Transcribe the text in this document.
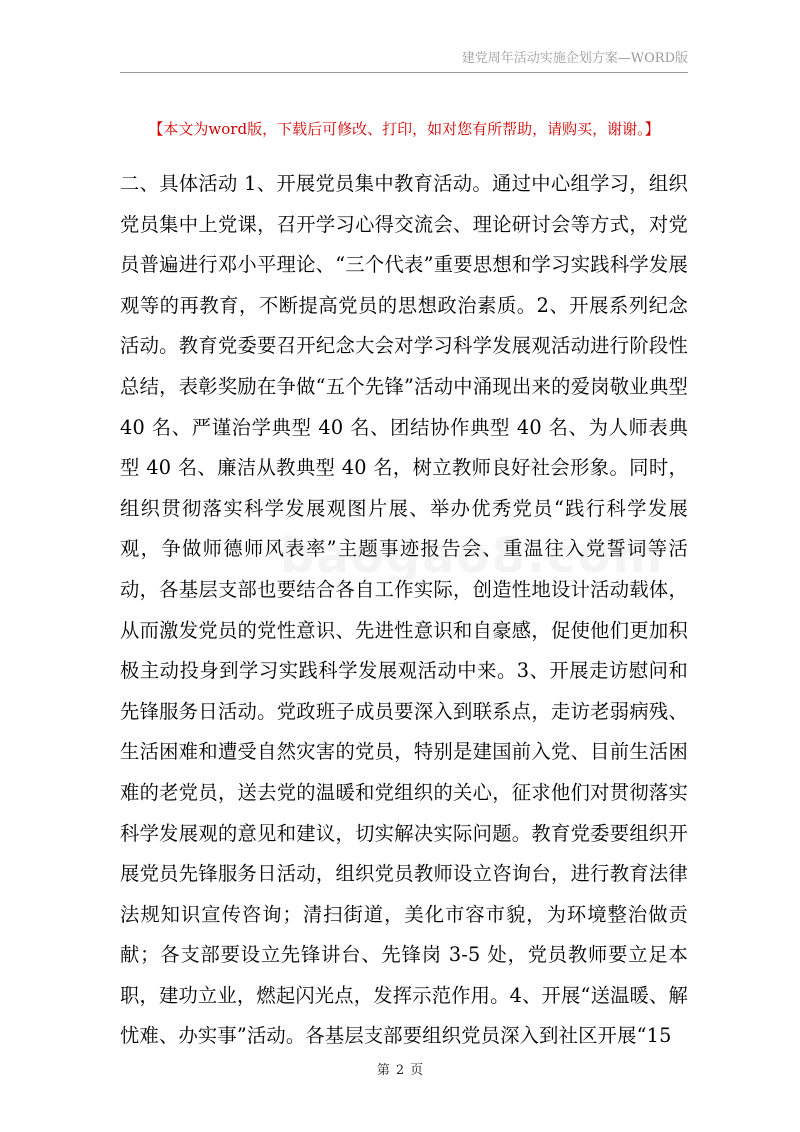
建党周年活动实施企划方案—WORD版
【本文为word版，下载后可修改、打印，如对您有所帮助，请购买，谢谢。】

二、具体活动 1、开展党员集中教育活动。通过中心组学习，组织党员集中上党课，召开学习心得交流会、理论研讨会等方式，对党员普遍进行邓小平理论、“三个代表”重要思想和学习实践科学发展观等的再教育，不断提高党员的思想政治素质。2、开展系列纪念活动。教育党委要召开纪念大会对学习科学发展观活动进行阶段性总结，表彰奖励在争做“五个先锋”活动中涌现出来的爱岗敬业典型 40 名、严谨治学典型 40 名、团结协作典型 40 名、为人师表典型 40 名、廉洁从教典型 40 名，树立教师良好社会形象。同时，组织贯彻落实科学发展观图片展、举办优秀党员“践行科学发展观，争做师德师风表率”主题事迹报告会、重温往入党誓词等活动，各基层支部也要结合各自工作实际，创造性地设计活动载体，从而激发党员的党性意识、先进性意识和自豪感，促使他们更加积极主动投身到学习实践科学发展观活动中来。3、开展走访慰问和先锋服务日活动。党政班子成员要深入到联系点，走访老弱病残、生活困难和遭受自然灾害的党员，特别是建国前入党、目前生活困难的老党员，送去党的温暖和党组织的关心，征求他们对贯彻落实科学发展观的意见和建议，切实解决实际问题。教育党委要组织开展党员先锋服务日活动，组织党员教师设立咨询台，进行教育法律法规知识宣传咨询；清扫街道，美化市容市貌，为环境整治做贡献；各支部要设立先锋讲台、先锋岗 3-5 处，党员教师要立足本职，建功立业，燃起闪光点，发挥示范作用。4、开展“送温暖、解忧难、办实事”活动。各基层支部要组织党员深入到社区开展“15

第 2 页
